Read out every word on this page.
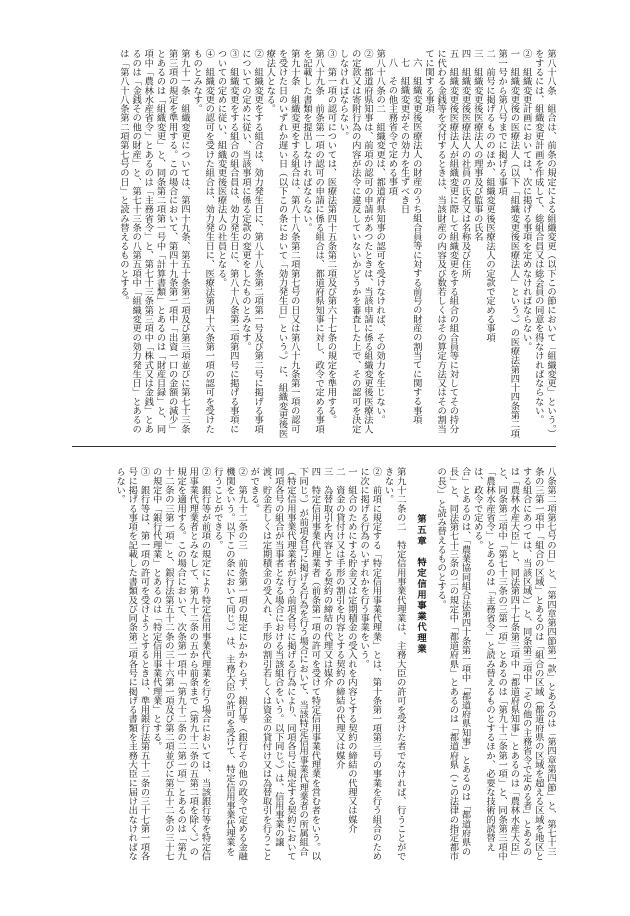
第八十八条　組合は、前条の規定による組織変更（以下この節において「組織変更」という。）をするには、組織変更計画を作成して、総組合員又は総会員の同意を得なければならない。

②　組織変更計画においては、次に掲げる事項を定めなければならない。

一　組織変更後の医療法人（以下「組織変更後医療法人」という。）の医療法第四十四条第二項第一号から第八号までに掲げる事項

二　前号に掲げるもののほか、組織変更後医療法人の定款で定める事項

三　組織変更後医療法人の理事及び監事の氏名

四　組織変更後医療法人の社員の氏名又は名称及び住所

五　組織変更後医療法人が組織変更に際して組織変更をする組合の組合員等に対してその持分に代わる金銭等を交付するときは、当該財産の内容及び数若しくはその算定方法又はその割当てに関する事項

六　組織変更後医療法人の財産のうち組合員等に対する前号の財産の割当てに関する事項

七　組織変更がその効力を生ずべき日

八　その他主務省令で定める事項

第八十八条の二　組織変更は、都道府県知事の認可を受けなければ、その効力を生じない。

②　都道府県知事は、前項の認可の申請があつたときは、当該申請に係る組織変更後医療法人の定款又は寄附行為の内容が法令に違反していないかどうかを審査した上で、その認可を決定しなければならない。

③　第一項の認可については、医療法第四十五条第二項及び第六十七条の規定を準用する。

第八十九条　前条第一項の認可の申請に係る組合は、都道府県知事に対し、政令で定める事項を記載した書類を提出しなければならない。

第九十条　組織変更をする組合は、第八十八条第二項第七号の日又は第八十九条第一項の認可を受けた日のいずれか遅い日（以下この条において「効力発生日」という。）に、組織変更後医療法人となる。

②　組織変更をする組合は、効力発生日に、第八十八条第二項第一号及び第二号に掲げる事項についての定めに従い、当該事項に係る定款の変更をしたものとみなす。

③　組織変更をする組合の組合員は、効力発生日に、第八十八条第二項第四号に掲げる事項についての定めに従い、組織変更後医療法人の社員となる。

④　組織変更の認可を受けた組合は、効力発生日に、医療法第四十六条第一項の認可を受けたものとみなす。

第九十一条　組織変更については、第四十九条、第五十条第二項及び第三項並びに第七十三条第三項の規定を準用する。この場合において、第四十九条第一項中「出資一口の金額の減少」とあるのは「組織変更」と、同条第二項第一号中「計算書類」とあるのは「財産目録」と、同項中「農林水産省令」とあるのは「主務省令」と、第七十三条第三項中「株式又は金銭」とあるのは「金銭その他の財産」と、第七十三条の八第五項中「組織変更の効力発生日」とあるのは「第八十八条第二項第七号の日」と読み替えるものとする。

八条第二項第七号の日」と、「第四章第四節第一款」とあるのは「第四章第四節」と、第七十三条の三第一項中「組合の区域」とあるのは「組合の区域（都道府県の区域を超える区域を地区とする組合にあつては、当該区域）」と、同条第三項中「その他の主務省令で定める者」とあるのは「農林水産大臣」と、同法第四十七条第三項中「都道府県知事」とあるのは「農林水産大臣」と、同条第二項中「第七十三条の三第一項」とあるのは「第九十二条第一項」と、同条第三項中「農林水産省令」とあるのは「主務省令」と読み替えるものとするほか、必要な技術的読替えは、政令で定める。

合」とあるのは、「農業協同組合法第四十条第一項中「都道府県知事」とあるのは「都道府県の長」と、同法第七十三条の二の規定中「都道府県」とあるのは「都道府県（この法律の指定都市の長）」と読み替えるものとする。

第五章　特定信用事業代理業

第九十二条の二　特定信用事業代理業は、主務大臣の許可を受けた者でなければ、行うことができない。

②　前項に規定する「特定信用事業代理業」とは、第十条第一項第三号の事業を行う組合のために次に掲げる行為のいずれかを行う事業をいう。

一　組合のためにする貯金又は定期積金の受入れを内容とする契約の締結の代理又は媒介

二　資金の貸付け又は手形の割引を内容とする契約の締結の代理又は媒介

三　為替取引を内容とする契約の締結の代理又は媒介

四　特定信用事業代理業者（前条第一項の許可を受けて特定信用事業代理業を営む者をいう。以下同じ。）が前項各号に掲げる行為を行う場合において、当該特定信用事業代理業者の所属組合（特定信用事業代理業者が行う前項各号に掲げる行為により、同項各号に規定する契約において同項各号の組合が当事者となる場合における当該組合をいう。以下同じ。）は、信用事業の譲渡、貯金若しくは定期積金の受入れ、手形の割引若しくは資金の貸付け又は為替取引を行うことができる。

②　第九十二条の三　前条第一項の規定にかかわらず、銀行等（銀行その他の政令で定める金融機関をいう。以下この条において同じ。）は、主務大臣の許可を受けて、特定信用事業代理業を行うことができる。

②　銀行等が前項の規定により特定信用事業代理業を行う場合においては、当該銀行等を特定信用事業代理業者とみなして、第九十二条の五から前条まで（第九十二条の五第二項を除く。）の規定を適用する。この場合において、次条第一項中「第九十二条の二第一項」とあるのは「第九十二条の三第一項」と、銀行法第五十二条の三十六第一項及び第二項並びに第五十二条の三十七の規定中「銀行代理業」とあるのは「特定信用事業代理業」とする。

③　銀行等は、第一項の許可を受けようとするときは、準用銀行法第五十二条の三十七第一項各号に掲げる事項を記載した書類及び同条第二項各号に掲げる書類を主務大臣に届け出なければならない。
